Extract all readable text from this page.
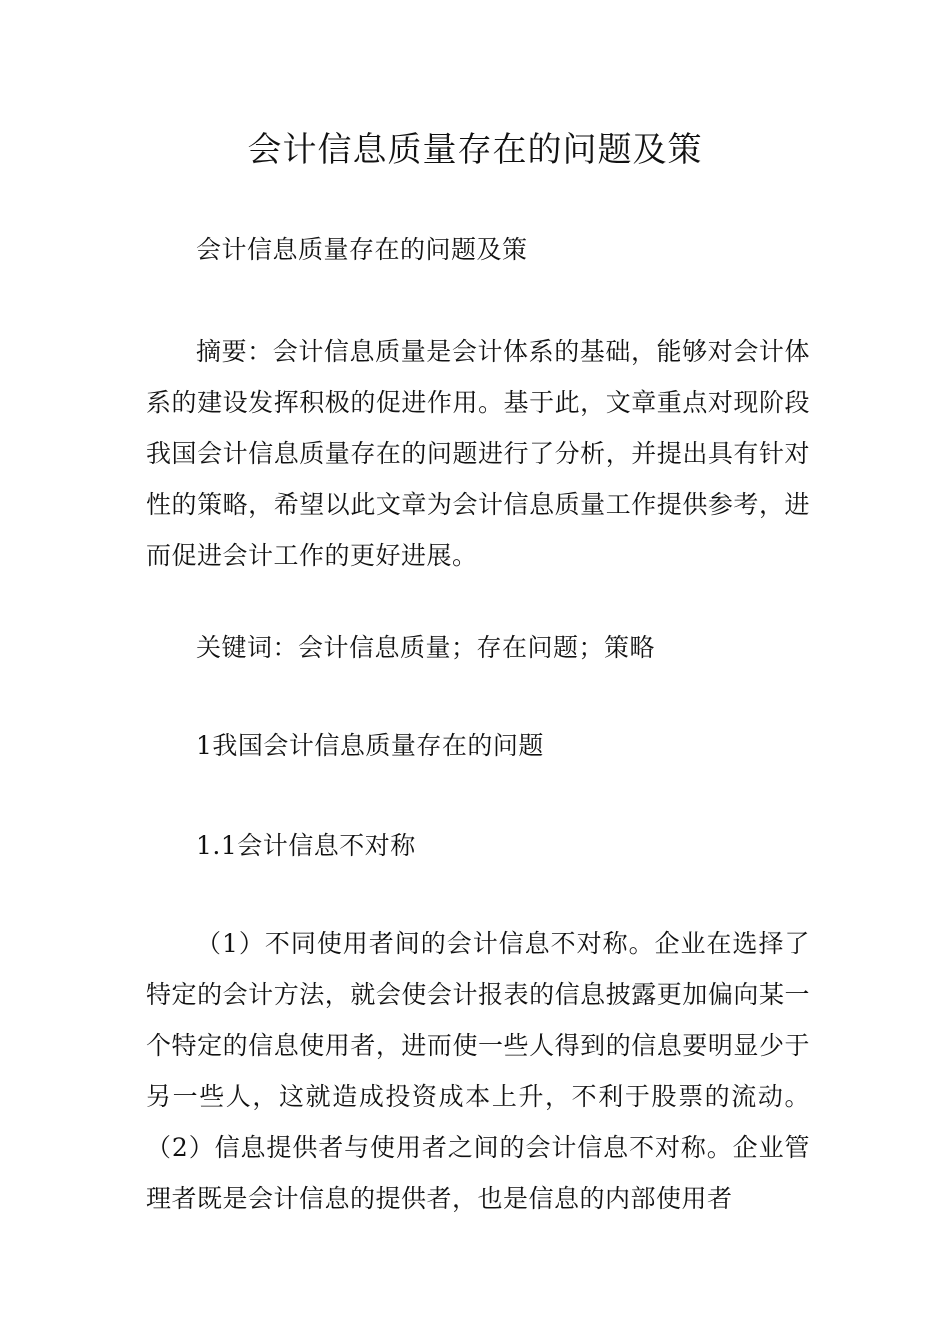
会计信息质量存在的问题及策

会计信息质量存在的问题及策

摘要：会计信息质量是会计体系的基础，能够对会计体系的建设发挥积极的促进作用。基于此，文章重点对现阶段我国会计信息质量存在的问题进行了分析，并提出具有针对性的策略，希望以此文章为会计信息质量工作提供参考，进而促进会计工作的更好进展。

关键词：会计信息质量；存在问题；策略

1我国会计信息质量存在的问题

1.1会计信息不对称

（1）不同使用者间的会计信息不对称。企业在选择了特定的会计方法，就会使会计报表的信息披露更加偏向某一个特定的信息使用者，进而使一些人得到的信息要明显少于另一些人，这就造成投资成本上升，不利于股票的流动。（2）信息提供者与使用者之间的会计信息不对称。企业管理者既是会计信息的提供者，也是信息的内部使用者
